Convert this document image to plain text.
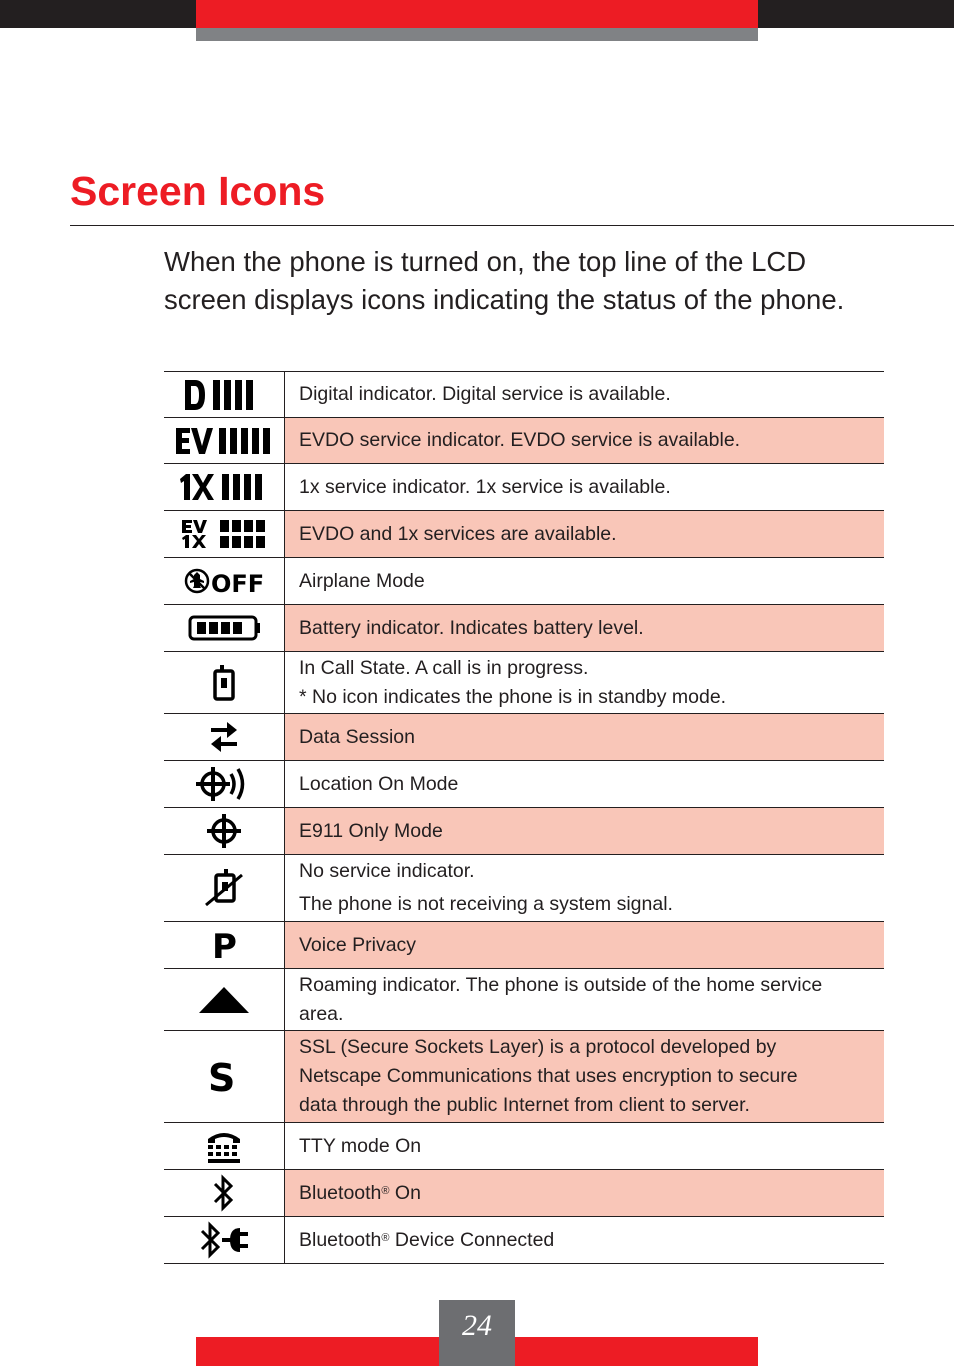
Screen Icons

When the phone is turned on, the top line of the LCD screen displays icons indicating the status of the phone.

Digital indicator. Digital service is available.

EVDO service indicator. EVDO service is available.

1x service indicator. 1x service is available.

EVDO and 1x services are available.

OFF	Airplane Mode

Battery indicator. Indicates battery level.

In Call State. A call is in progress.
* No icon indicates the phone is in standby mode.

Data Session

Location On Mode

E911 Only Mode

No service indicator.
The phone is not receiving a system signal.

P	Voice Privacy

Roaming indicator. The phone is outside of the home service
area.

S	SSL (Secure Sockets Layer) is a protocol developed by
Netscape Communications that uses encryption to secure
data through the public Internet from client to server.

TTY mode On

Bluetooth® On

Bluetooth® Device Connected
24
